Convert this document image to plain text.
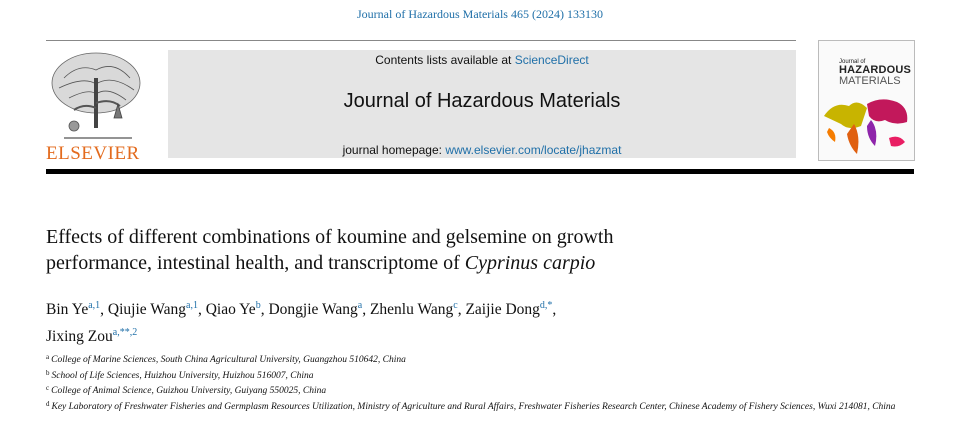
Journal of Hazardous Materials 465 (2024) 133130
ELSEVIER
Contents lists available at ScienceDirect
Journal of Hazardous Materials
journal homepage: www.elsevier.com/locate/jhazmat
Journal of
HAZARDOUS
MATERIALS
Effects of different combinations of koumine and gelsemine on growth
performance, intestinal health, and transcriptome of Cyprinus carpio
Bin Ye$^{a,1}$, Qiujie Wang$^{a,1}$, Qiao Ye$^b$, Dongjie Wang$^a$, Zhenlu Wang$^c$, Zaijie Dong$^{d,*}$,
Jixing Zou$^{a,**,2}$
$^a$ College of Marine Sciences, South China Agricultural University, Guangzhou 510642, China
$^b$ School of Life Sciences, Huizhou University, Huizhou 516007, China
$^c$ College of Animal Science, Guizhou University, Guiyang 550025, China
$^d$ Key Laboratory of Freshwater Fisheries and Germplasm Resources Utilization, Ministry of Agriculture and Rural Affairs, Freshwater Fisheries Research Center, Chinese Academy of Fishery Sciences, Wuxi 214081, China
